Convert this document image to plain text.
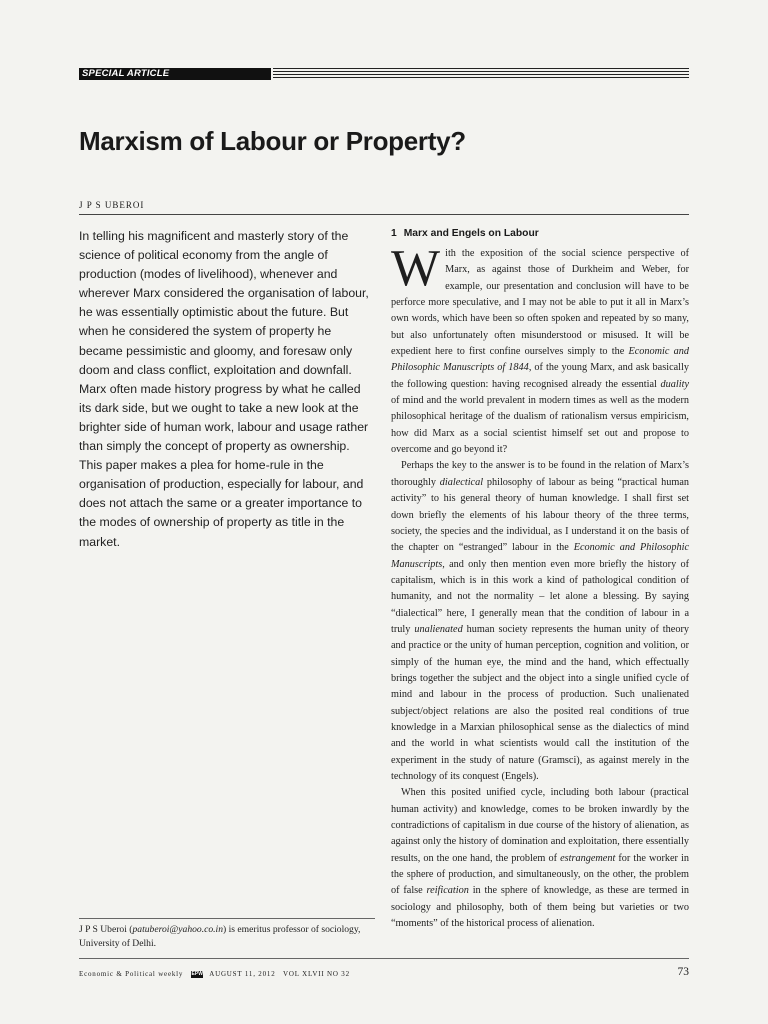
SPECIAL ARTICLE
Marxism of Labour or Property?
J P S UBEROI
In telling his magnificent and masterly story of the science of political economy from the angle of production (modes of livelihood), whenever and wherever Marx considered the organisation of labour, he was essentially optimistic about the future. But when he considered the system of property he became pessimistic and gloomy, and foresaw only doom and class conflict, exploitation and downfall. Marx often made history progress by what he called its dark side, but we ought to take a new look at the brighter side of human work, labour and usage rather than simply the concept of property as ownership. This paper makes a plea for home-rule in the organisation of production, especially for labour, and does not attach the same or a greater importance to the modes of ownership of property as title in the market.
J P S Uberoi (patuberoi@yahoo.co.in) is emeritus professor of sociology, University of Delhi.
1 Marx and Engels on Labour

With the exposition of the social science perspective of Marx, as against those of Durkheim and Weber, for example, our presentation and conclusion will have to be perforce more speculative, and I may not be able to put it all in Marx’s own words, which have been so often spoken and repeated by so many, but also unfortunately often misunderstood or misused. It will be expedient here to first confine ourselves simply to the Economic and Philosophic Manuscripts of 1844, of the young Marx, and ask basically the following question: having recognised already the essential duality of mind and the world prevalent in modern times as well as the modern philosophical heritage of the dualism of rationalism versus empiricism, how did Marx as a social scientist himself set out and propose to overcome and go beyond it?

Perhaps the key to the answer is to be found in the relation of Marx’s thoroughly dialectical philosophy of labour as being “practical human activity” to his general theory of human knowledge. I shall first set down briefly the elements of his labour theory of the three terms, society, the species and the individual, as I understand it on the basis of the chapter on “estranged” labour in the Economic and Philosophic Manuscripts, and only then mention even more briefly the history of capitalism, which is in this work a kind of pathological condition of humanity, and not the normality – let alone a blessing. By saying “dialectical” here, I generally mean that the condition of labour in a truly unalienated human society represents the human unity of theory and practice or the unity of human perception, cognition and volition, or simply of the human eye, the mind and the hand, which effectually brings together the subject and the object into a single unified cycle of mind and labour in the process of production. Such unalienated subject/object relations are also the posited real conditions of true knowledge in a Marxian philosophical sense as the dialectics of mind and the world in what scientists would call the institution of the experiment in the study of nature (Gramsci), as against merely in the technology of its conquest (Engels).

When this posited unified cycle, including both labour (practical human activity) and knowledge, comes to be broken inwardly by the contradictions of capitalism in due course of the history of alienation, as against only the history of domination and exploitation, there essentially results, on the one hand, the problem of estrangement for the worker in the sphere of production, and simultaneously, on the other, the problem of false reification in the sphere of knowledge, as these are termed in sociology and philosophy, both of them being but varieties or two “moments” of the historical process of alienation.

Economic & Political weekly EPW AUGUST 11, 2012   VOL XLVII NO 32	73
